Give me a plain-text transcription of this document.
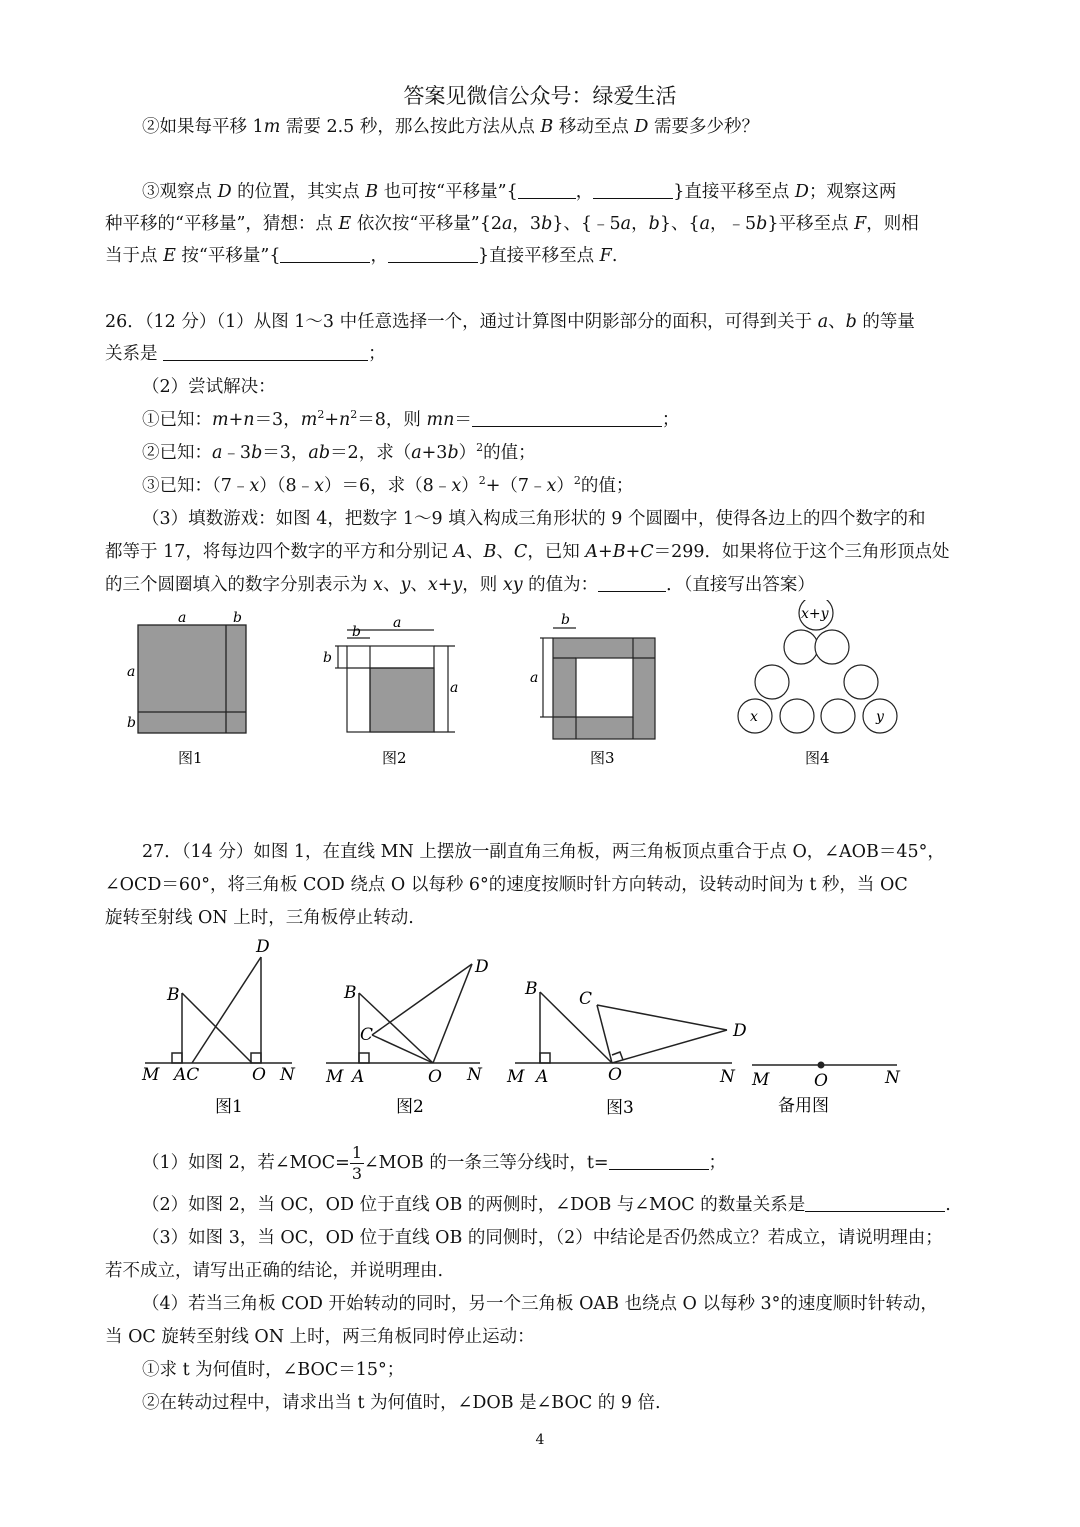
答案见微信公众号：绿爱生活
②如果每平移 1m 需要 2.5 秒，那么按此方法从点 B 移动至点 D 需要多少秒？
③观察点 D 的位置，其实点 B 也可按“平移量”{	，	}直接平移至点 D；观察这两
种平移的“平移量”，猜想：点 E 依次按“平移量”{2a，3b}、{﹣5a，b}、{a，﹣5b}平移至点 F，则相
当于点 E 按“平移量”{	，	}直接平移至点 F.
26．（12 分）（1）从图 1～3 中任意选择一个，通过计算图中阴影部分的面积，可得到关于 a、b 的等量
关系是	；
（2）尝试解决：
①已知：m+n＝3，$m^2+n^2=8$，则 mn＝	；
②已知：a﹣3b＝3，ab＝2，求$(a+3b)^2$的值；
③已知：（7﹣x）（8﹣x）＝6，求（8﹣x）$^2$+（7﹣x）$^2$的值；
（3）填数游戏：如图 4，把数字 1～9 填入构成三角形状的 9 个圆圈中，使得各边上的四个数字的和
都等于 17，将每边四个数字的平方和分别记 A、B、C，已知 A+B+C＝299．如果将位于这个三角形顶点处
的三个圆圈填入的数字分别表示为 x、y、x+y，则 xy 的值为：	．（直接写出答案）
a	b
a
b
a
b
b
a
b
a
x+y
x	y
图1	图2	图3	图4
27．（14 分）如图 1，在直线 MN 上摆放一副直角三角板，两三角板顶点重合于点 O，∠AOB＝45°，
∠OCD＝60°，将三角板 COD 绕点 O 以每秒 6°的速度按顺时针方向转动，设转动时间为 t 秒，当 OC
旋转至射线 ON 上时，三角板停止转动.
M AC	O N
B
D
M A	O N
B
C
D
M A	O	N
B C
D
M	O	N
图1	图2	图3	备用图
（1）如图 2，若∠MOC= $\frac{1}{3}$ ∠MOB 的一条三等分线时，t=	；
（2）如图 2，当 OC，OD 位于直线 OB 的两侧时，∠DOB 与∠MOC 的数量关系是	.
（3）如图 3，当 OC，OD 位于直线 OB 的同侧时，（2）中结论是否仍然成立？若成立，请说明理由；
若不成立，请写出正确的结论，并说明理由.
（4）若当三角板 COD 开始转动的同时，另一个三角板 OAB 也绕点 O 以每秒 3°的速度顺时针转动，
当 OC 旋转至射线 ON 上时，两三角板同时停止运动：
①求 t 为何值时，∠BOC＝15°；
②在转动过程中，请求出当 t 为何值时，∠DOB 是∠BOC 的 9 倍.
4
